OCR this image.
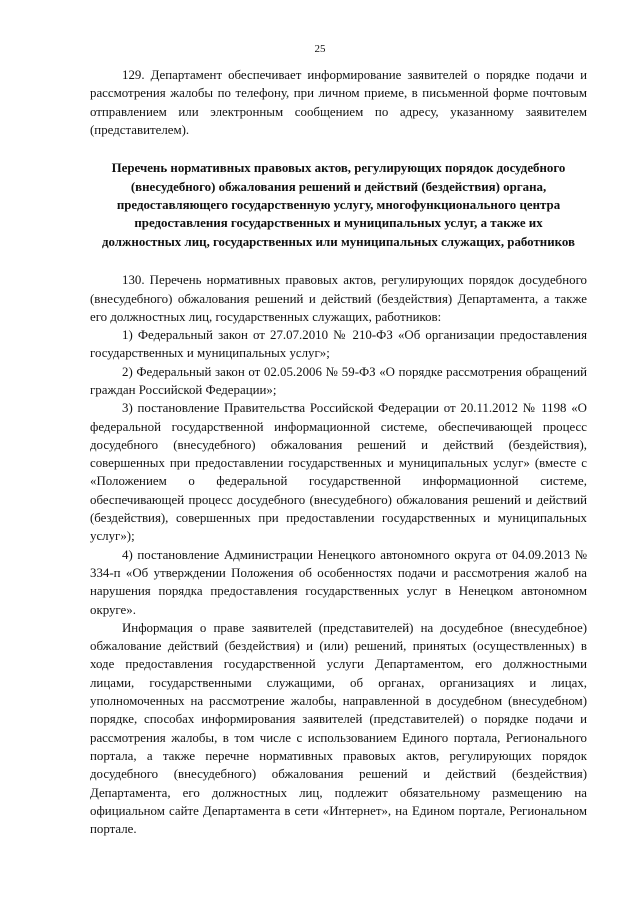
25

129. Департамент обеспечивает информирование заявителей о порядке подачи и рассмотрения жалобы по телефону, при личном приеме, в письменной форме почтовым отправлением или электронным сообщением по адресу, указанному заявителем (представителем).

Перечень нормативных правовых актов, регулирующих порядок досудебного (внесудебного) обжалования решений и действий (бездействия) органа, предоставляющего государственную услугу, многофункционального центра предоставления государственных и муниципальных услуг, а также их должностных лиц, государственных или муниципальных служащих, работников

130. Перечень нормативных правовых актов, регулирующих порядок досудебного (внесудебного) обжалования решений и действий (бездействия) Департамента, а также его должностных лиц, государственных служащих, работников:

1) Федеральный закон от 27.07.2010 № 210-ФЗ «Об организации предоставления государственных и муниципальных услуг»;

2) Федеральный закон от 02.05.2006 № 59-ФЗ «О порядке рассмотрения обращений граждан Российской Федерации»;

3) постановление Правительства Российской Федерации от 20.11.2012 № 1198 «О федеральной государственной информационной системе, обеспечивающей процесс досудебного (внесудебного) обжалования решений и действий (бездействия), совершенных при предоставлении государственных и муниципальных услуг» (вместе с «Положением о федеральной государственной информационной системе, обеспечивающей процесс досудебного (внесудебного) обжалования решений и действий (бездействия), совершенных при предоставлении государственных и муниципальных услуг»);

4) постановление Администрации Ненецкого автономного округа от 04.09.2013 № 334-п «Об утверждении Положения об особенностях подачи и рассмотрения жалоб на нарушения порядка предоставления государственных услуг в Ненецком автономном округе».

Информация о праве заявителей (представителей) на досудебное (внесудебное) обжалование действий (бездействия) и (или) решений, принятых (осуществленных) в ходе предоставления государственной услуги Департаментом, его должностными лицами, государственными служащими, об органах, организациях и лицах, уполномоченных на рассмотрение жалобы, направленной в досудебном (внесудебном) порядке, способах информирования заявителей (представителей) о порядке подачи и рассмотрения жалобы, в том числе с использованием Единого портала, Регионального портала, а также перечне нормативных правовых актов, регулирующих порядок досудебного (внесудебного) обжалования решений и действий (бездействия) Департамента, его должностных лиц, подлежит обязательному размещению на официальном сайте Департамента в сети «Интернет», на Едином портале, Региональном портале.
